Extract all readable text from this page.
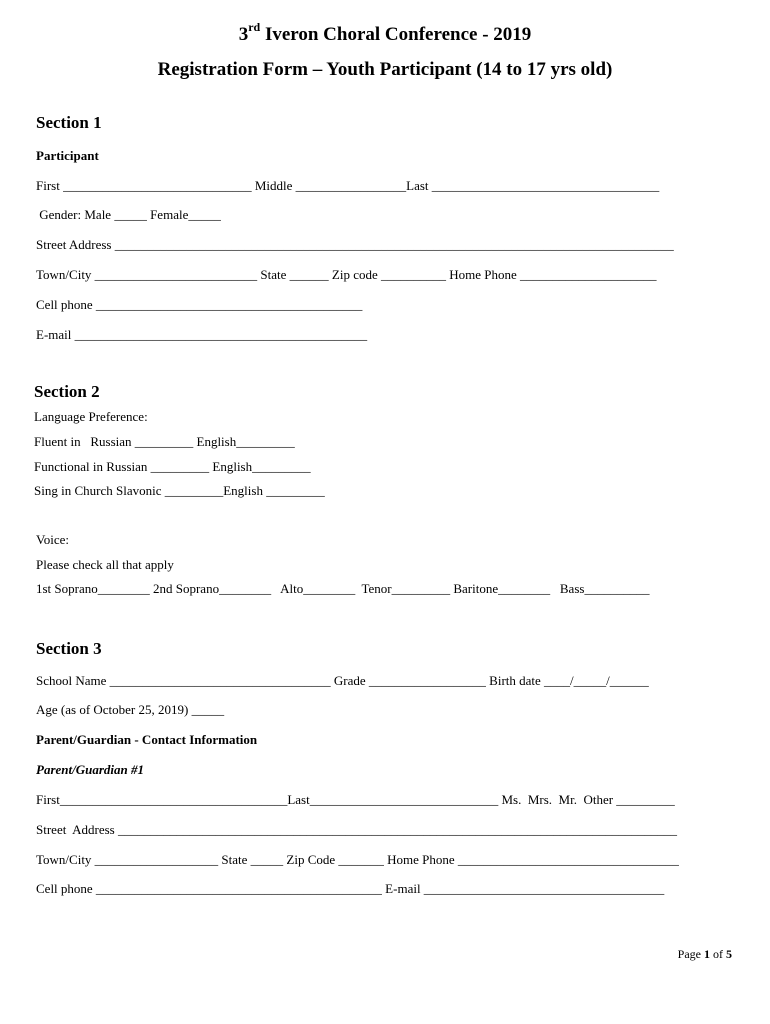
3rd Iveron Choral Conference - 2019
Registration Form – Youth Participant (14 to 17 yrs old)
Section 1
Participant
First _____________________________ Middle _________________Last ___________________________________
Gender: Male _____ Female_____
Street Address ______________________________________________________________________________________
Town/City _________________________ State ______ Zip code __________ Home Phone _____________________
Cell phone _________________________________________
E-mail _____________________________________________
Section 2
Language Preference:
Fluent in   Russian _________ English_________
Functional in Russian _________ English_________
Sing in Church Slavonic _________English _________
Voice:
Please check all that apply
1st Soprano________ 2nd Soprano________   Alto________  Tenor_________ Baritone________   Bass__________
Section 3
School Name __________________________________ Grade __________________ Birth date ____/_____/______
Age (as of October 25, 2019) _____
Parent/Guardian - Contact Information
Parent/Guardian #1
First___________________________________Last_____________________________ Ms.  Mrs.  Mr.  Other _________
Street  Address ______________________________________________________________________________________
Town/City ___________________ State _____ Zip Code _______ Home Phone __________________________________
Cell phone ____________________________________________ E-mail _____________________________________
Page 1 of 5
